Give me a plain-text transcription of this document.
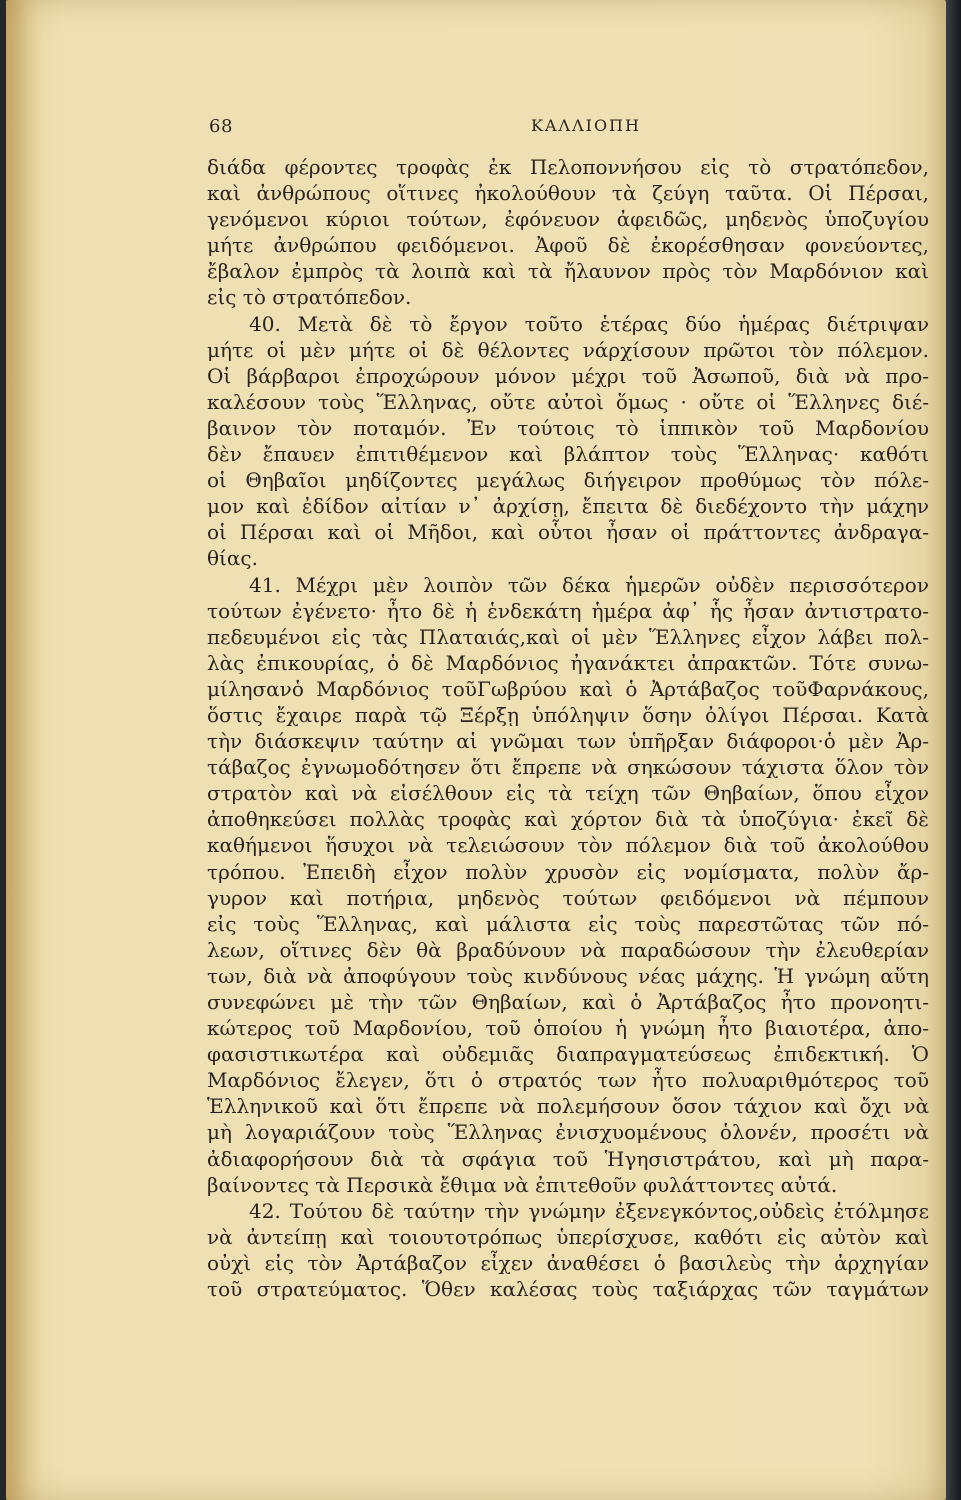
68	ΚΑΛΛΙΟΠΗ
διάδα φέροντες τροφὰς ἐκ Πελοποννήσου εἰς τὸ στρατόπεδον,
καὶ ἀνθρώπους οἵτινες ἠκολούθουν τὰ ζεύγη ταῦτα. Οἱ Πέρσαι,
γενόμενοι κύριοι τούτων, ἐφόνευον ἀφειδῶς, μηδενὸς ὑποζυγίου
μήτε ἀνθρώπου φειδόμενοι. Ἀφοῦ δὲ ἐκορέσθησαν φονεύοντες,
ἔβαλον ἐμπρὸς τὰ λοιπὰ καὶ τὰ ἤλαυνον πρὸς τὸν Μαρδόνιον καὶ
εἰς τὸ στρατόπεδον.
40. Μετὰ δὲ τὸ ἔργον τοῦτο ἑτέρας δύο ἡμέρας διέτριψαν
μήτε οἱ μὲν μήτε οἱ δὲ θέλοντες νάρχίσουν πρῶτοι τὸν πόλεμον.
Οἱ βάρβαροι ἐπροχώρουν μόνον μέχρι τοῦ Ἀσωποῦ, διὰ νὰ προ-
καλέσουν τοὺς Ἕλληνας, οὔτε αὐτοὶ ὅμως · οὔτε οἱ Ἕλληνες διέ-
βαινον τὸν ποταμόν. Ἐν τούτοις τὸ ἱππικὸν τοῦ Μαρδονίου
δὲν ἔπαυεν ἐπιτιθέμενον καὶ βλάπτον τοὺς Ἕλληνας· καθότι
οἱ Θηβαῖοι μηδίζοντες μεγάλως διήγειρον προθύμως τὸν πόλε-
μον καὶ ἐδίδον αἰτίαν ν᾽ ἀρχίσῃ, ἔπειτα δὲ διεδέχοντο τὴν μάχην
οἱ Πέρσαι καὶ οἱ Μῆδοι, καὶ οὗτοι ἦσαν οἱ πράττοντες ἀνδραγα-
θίας.
41. Μέχρι μὲν λοιπὸν τῶν δέκα ἡμερῶν οὐδὲν περισσότερον
τούτων ἐγένετο· ἦτο δὲ ἡ ἑνδεκάτη ἡμέρα ἀφ᾽ ἧς ἦσαν ἀντιστρατο-
πεδευμένοι εἰς τὰς Πλαταιάς,καὶ οἱ μὲν Ἕλληνες εἶχον λάβει πολ-
λὰς ἐπικουρίας, ὁ δὲ Μαρδόνιος ἠγανάκτει ἀπρακτῶν. Τότε συνω-
μίλησανὁ Μαρδόνιος τοῦΓωβρύου καὶ ὁ Ἀρτάβαζος τοῦΦαρνάκους,
ὅστις ἔχαιρε παρὰ τῷ Ξέρξῃ ὑπόληψιν ὅσην ὀλίγοι Πέρσαι. Κατὰ
τὴν διάσκεψιν ταύτην αἱ γνῶμαι των ὑπῆρξαν διάφοροι·ὁ μὲν Ἀρ-
τάβαζος ἐγνωμοδότησεν ὅτι ἔπρεπε νὰ σηκώσουν τάχιστα ὅλον τὸν
στρατὸν καὶ νὰ εἰσέλθουν εἰς τὰ τείχη τῶν Θηβαίων, ὅπου εἶχον
ἀποθηκεύσει πολλὰς τροφὰς καὶ χόρτον διὰ τὰ ὑποζύγια· ἐκεῖ δὲ
καθήμενοι ἥσυχοι νὰ τελειώσουν τὸν πόλεμον διὰ τοῦ ἀκολούθου
τρόπου. Ἐπειδὴ εἶχον πολὺν χρυσὸν εἰς νομίσματα, πολὺν ἄρ-
γυρον καὶ ποτήρια, μηδενὸς τούτων φειδόμενοι νὰ πέμπουν
εἰς τοὺς Ἕλληνας, καὶ μάλιστα εἰς τοὺς παρεστῶτας τῶν πό-
λεων, οἵτινες δὲν θὰ βραδύνουν νὰ παραδώσουν τὴν ἐλευθερίαν
των, διὰ νὰ ἀποφύγουν τοὺς κινδύνους νέας μάχης. Ἡ γνώμη αὕτη
συνεφώνει μὲ τὴν τῶν Θηβαίων, καὶ ὁ Ἀρτάβαζος ἦτο προνοητι-
κώτερος τοῦ Μαρδονίου, τοῦ ὁποίου ἡ γνώμη ἦτο βιαιοτέρα, ἀπο-
φασιστικωτέρα καὶ οὐδεμιᾶς διαπραγματεύσεως ἐπιδεκτική. Ὁ
Μαρδόνιος ἔλεγεν, ὅτι ὁ στρατός των ἦτο πολυαριθμότερος τοῦ
Ἑλληνικοῦ καὶ ὅτι ἔπρεπε νὰ πολεμήσουν ὅσον τάχιον καὶ ὄχι νὰ
μὴ λογαριάζουν τοὺς Ἕλληνας ἐνισχυομένους ὁλονέν, προσέτι νὰ
ἀδιαφορήσουν διὰ τὰ σφάγια τοῦ Ἡγησιστράτου, καὶ μὴ παρα-
βαίνοντες τὰ Περσικὰ ἔθιμα νὰ ἐπιτεθοῦν φυλάττοντες αὐτά.
42. Τούτου δὲ ταύτην τὴν γνώμην ἐξενεγκόντος,οὐδεὶς ἐτόλμησε
νὰ ἀντείπῃ καὶ τοιουτοτρόπως ὑπερίσχυσε, καθότι εἰς αὐτὸν καὶ
οὐχὶ εἰς τὸν Ἀρτάβαζον εἶχεν ἀναθέσει ὁ βασιλεὺς τὴν ἀρχηγίαν
τοῦ στρατεύματος. Ὅθεν καλέσας τοὺς ταξιάρχας τῶν ταγμάτων
